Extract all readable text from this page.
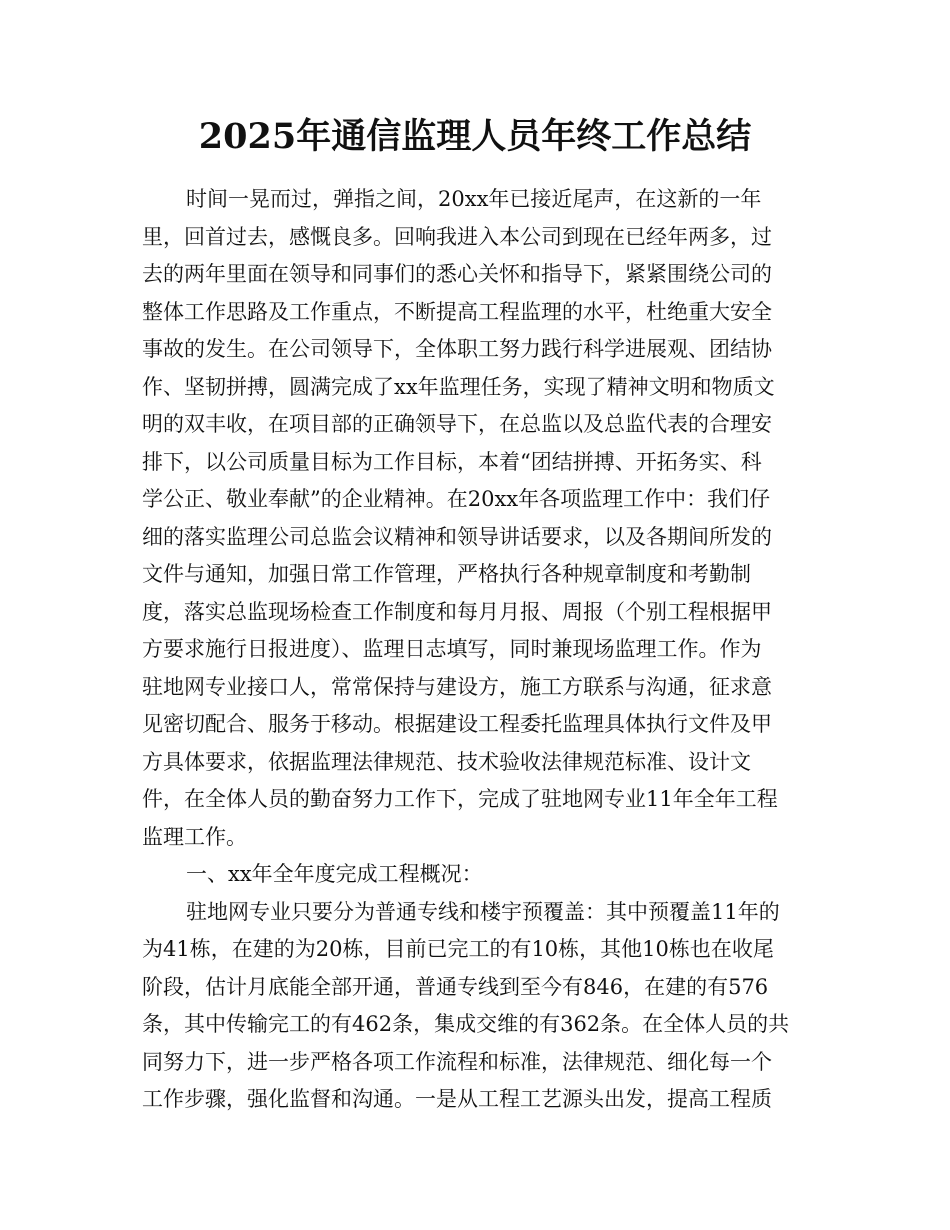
2025年通信监理人员年终工作总结
时间一晃而过，弹指之间，20xx年已接近尾声，在这新的一年
里，回首过去，感慨良多。回响我进入本公司到现在已经年两多，过
去的两年里面在领导和同事们的悉心关怀和指导下，紧紧围绕公司的
整体工作思路及工作重点，不断提高工程监理的水平，杜绝重大安全
事故的发生。在公司领导下，全体职工努力践行科学进展观、团结协
作、坚韧拼搏，圆满完成了xx年监理任务，实现了精神文明和物质文
明的双丰收，在项目部的正确领导下，在总监以及总监代表的合理安
排下，以公司质量目标为工作目标，本着“团结拼搏、开拓务实、科
学公正、敬业奉献”的企业精神。在20xx年各项监理工作中：我们仔
细的落实监理公司总监会议精神和领导讲话要求，以及各期间所发的
文件与通知，加强日常工作管理，严格执行各种规章制度和考勤制
度，落实总监现场检查工作制度和每月月报、周报（个别工程根据甲
方要求施行日报进度）、监理日志填写，同时兼现场监理工作。作为
驻地网专业接口人，常常保持与建设方，施工方联系与沟通，征求意
见密切配合、服务于移动。根据建设工程委托监理具体执行文件及甲
方具体要求，依据监理法律规范、技术验收法律规范标准、设计文
件，在全体人员的勤奋努力工作下，完成了驻地网专业11年全年工程
监理工作。
一、xx年全年度完成工程概况：
驻地网专业只要分为普通专线和楼宇预覆盖：其中预覆盖11年的
为41栋，在建的为20栋，目前已完工的有10栋，其他10栋也在收尾
阶段，估计月底能全部开通，普通专线到至今有846，在建的有576
条，其中传输完工的有462条，集成交维的有362条。在全体人员的共
同努力下，进一步严格各项工作流程和标准，法律规范、细化每一个
工作步骤，强化监督和沟通。一是从工程工艺源头出发，提高工程质
